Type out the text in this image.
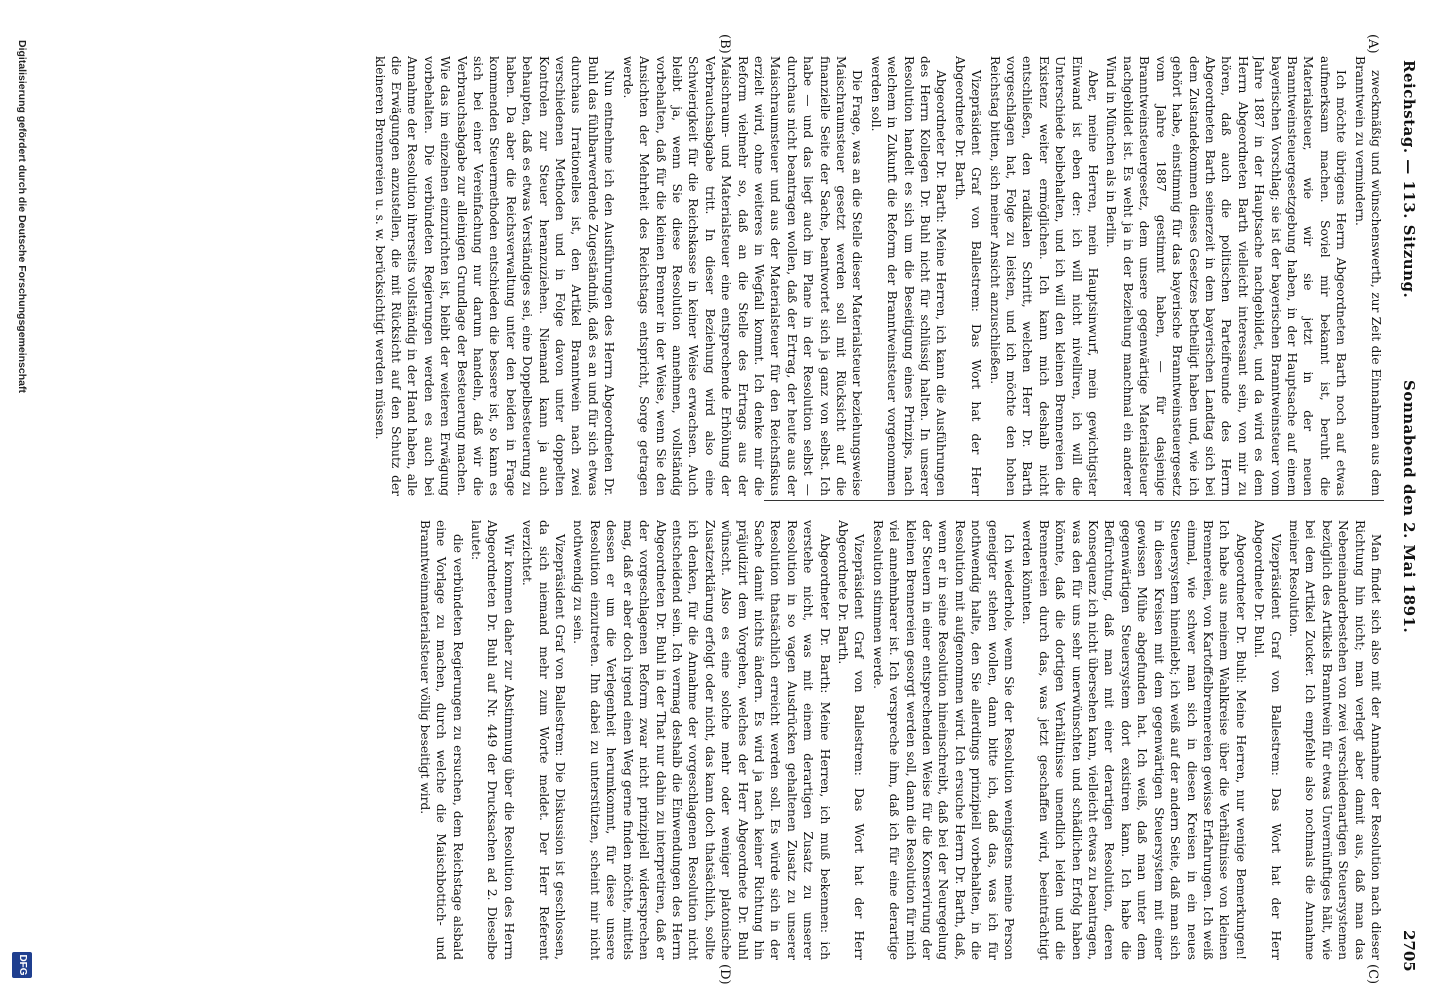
Reichstag. — 113. Sitzung.
Sonnabend den 2. Mai 1891.
2705
(A)
(B)
(C)
(D)

zweckmäßig und wünschenswerth, zur Zeit die Einnahmen aus dem Branntwein zu vermindern.

Ich möchte übrigens Herrn Abgeordneten Barth noch auf etwas aufmerksam machen. Soviel mir bekannt ist, beruht die Materialsteuer, wie wir sie jetzt in der neuen Branntweinsteuergesetzgebung haben, in der Hauptsache auf einem bayerischen Vorschlag; sie ist der bayerischen Branntweinsteuer vom Jahre 1887 in der Hauptsache nachgebildet, und da wird es dem Herrn Abgeordneten Barth vielleicht interessant sein, von mir zu hören, daß auch die politischen Parteifreunde des Herrn Abgeordneten Barth seinerzeit in dem bayerischen Landtag sich bei dem Zustandekommen dieses Gesetzes betheiligt haben und, wie ich gehört habe, einstimmig für das bayerische Branntweinsteuergesetz vom Jahre 1887 gestimmt haben, — für dasjenige Branntweinsteuergesetz, dem unsere gegenwärtige Materialsteuer nachgebildet ist. Es weht ja in der Beziehung manchmal ein anderer Wind in München als in Berlin.

Aber, meine Herren, mein Hauptsinwurf, mein gewichtigster Einwand ist eben der: ich will nicht nivelliren, ich will die Unterschiede beibehalten, und ich will den kleinen Brennereien die Existenz weiter ermöglichen. Ich kann mich deshalb nicht entschließen, den radikalen Schritt, welchen Herr Dr. Barth vorgeschlagen hat, Folge zu leisten, und ich möchte den hohen Reichstag bitten, sich meiner Ansicht anzuschließen.

Vizepräsident Graf von Ballestrem: Das Wort hat der Herr Abgeordnete Dr. Barth.

Abgeordneter Dr. Barth: Meine Herren, ich kann die Ausführungen des Herrn Kollegen Dr. Buhl nicht für schlüssig halten. In unserer Resolution handelt es sich um die Beseitigung eines Prinzips, nach welchem in Zukunft die Reform der Branntweinsteuer vorgenommen werden soll.

Die Frage, was an die Stelle dieser Materialsteuer beziehungsweise Maischraumsteuer gesetzt werden soll mit Rücksicht auf die finanzielle Seite der Sache, beantwortet sich ja ganz von selbst. Ich habe — und das liegt auch im Plane in der Resolution selbst — durchaus nicht beantragen wollen, daß der Ertrag, der heute aus der Maischraumsteuer und aus der Materialsteuer für den Reichsfiskus erzielt wird, ohne weiteres in Wegfall kommt. Ich denke mir die Reform vielmehr so, daß an die Stelle des Ertrags aus der Maischraum- und Materialsteuer eine entsprechende Erhöhung der Verbrauchsabgabe tritt. In dieser Beziehung wird also eine Schwierigkeit für die Reichskasse in keiner Weise erwachsen. Auch bleibt ja, wenn Sie diese Resolution annehmen, vollständig vorbehalten, daß für die kleinen Brenner in der Weise, wenn Sie den Ansichten der Mehrheit des Reichstags entspricht, Sorge getragen werde.

Nun entnehme ich den Ausführungen des Herrn Abgeordneten Dr. Buhl das fühlbarwerdende Zugeständniß, daß es an und für sich etwas durchaus Irrationelles ist, den Artikel Branntwein nach zwei verschiedenen Methoden und in Folge davon unter doppelten Kontrolen zur Steuer heranzuziehen. Niemand kann ja auch behaupten, daß es etwas Verständiges sei, eine Doppelbesteuerung zu haben. Da aber die Reichsverwaltung unter den beiden in Frage kommenden Steuermethoden entschieden die bessere ist, so kann es sich bei einer Vereinfachung nur darum handeln, daß wir die Verbrauchsabgabe zur alleinigen Grundlage der Besteuerung machen. Wie das im einzelnen einzurichten ist, bleibt der weiteren Erwägung vorbehalten. Die verbündeten Regierungen werden es auch bei Annahme der Resolution ihrerseits vollständig in der Hand haben, alle die Erwägungen anzustellen, die mit Rücksicht auf den Schutz der kleineren Brennereien u. s. w. berücksichtigt werden müssen.

Man findet sich also mit der Annahme der Resolution nach dieser Richtung hin nicht; man verlegt aber damit aus, daß man das Nebeneinanderbestehen von zwei verschiedenartigen Steuersystemen bezüglich des Artikels Branntwein für etwas Unvernünftiges hält, wie bei dem Artikel Zucker. Ich empfehle also nochmals die Annahme meiner Resolution.

Vizepräsident Graf von Ballestrem: Das Wort hat der Herr Abgeordnete Dr. Buhl.

Abgeordneter Dr. Buhl: Meine Herren, nur wenige Bemerkungen! Ich habe aus meinem Wahlkreise über die Verhältnisse von kleinen Brennereien, von Kartoffelbrennereien gewisse Erfahrungen. Ich weiß einmal, wie schwer man sich in diesen Kreisen in ein neues Steuersystem hineinlebt; ich weiß auf der andern Seite, daß man sich in diesen Kreisen mit dem gegenwärtigen Steuersystem mit einer gewissen Mühe abgefunden hat. Ich weiß, daß man unter dem gegenwärtigen Steuersystem dort existiren kann. Ich habe die Befürchtung, daß man mit einer derartigen Resolution, deren Konsequenz ich nicht übersehen kann, vielleicht etwas zu beantragen, was den für uns sehr unerwünschten und schädlichen Erfolg haben könnte, daß die dortigen Verhältnisse unendlich leiden und die Brennereien durch das, was jetzt geschaffen wird, beeinträchtigt werden könnten.

Ich wiederhole, wenn Sie der Resolution wenigstens meine Person geneigter stehen wollen, dann bitte ich, daß das, was ich für nothwendig halte, den Sie allerdings prinzipiell vorbehalten, in die Resolution mit aufgenommen wird. Ich ersuche Herrn Dr. Barth, daß, wenn er in seine Resolution hineinschreibt, daß bei der Neuregelung der Steuern in einer entsprechenden Weise für die Konservirung der kleinen Brennereien gesorgt werden soll, dann die Resolution für mich viel annehmbarer ist. Ich verspreche ihm, daß ich für eine derartige Resolution stimmen werde.

Vizepräsident Graf von Ballestrem: Das Wort hat der Herr Abgeordnete Dr. Barth.

Abgeordneter Dr. Barth: Meine Herren, ich muß bekennen: ich verstehe nicht, was mit einem derartigen Zusatz zu unserer Resolution in so vagen Ausdrücken gehaltenen Zusatz zu unserer Resolution thatsächlich erreicht werden soll. Es würde sich in der Sache damit nichts ändern. Es wird ja nach keiner Richtung hin präjudizirt dem Vorgehen, welches der Herr Abgeordnete Dr. Buhl wünscht. Also es eine solche mehr oder weniger platonische Zusatzerklärung erfolgt oder nicht, das kann doch thatsächlich, sollte ich denken, für die Annahme der vorgeschlagenen Resolution nicht entscheidend sein. Ich vermag deshalb die Einwendungen des Herrn Abgeordneten Dr. Buhl in der That nur dahin zu interpretiren, daß er der vorgeschlagenen Reform zwar nicht prinzipiell widersprechen mag, daß er aber doch irgend einen Weg gerne finden möchte, mittels dessen er um die Verlegenheit herumkommt, für diese unsere Resolution einzutreten. Ihn dabei zu unterstützen, scheint mir nicht nothwendig zu sein.

Vizepräsident Graf von Ballestrem: Die Diskussion ist geschlossen, da sich niemand mehr zum Worte meldet. Der Herr Referent verzichtet.

Wir kommen daher zur Abstimmung über die Resolution des Herrn Abgeordneten Dr. Buhl auf Nr. 449 der Drucksachen ad 2. Dieselbe lautet:

die verbündeten Regierungen zu ersuchen, dem Reichstage alsbald eine Vorlage zu machen, durch welche die Maischbottich- und Branntweinmaterialsteuer völlig beseitigt wird.

Digitalisierung gefördert durch die Deutsche Forschungsgemeinschaft
DFG
